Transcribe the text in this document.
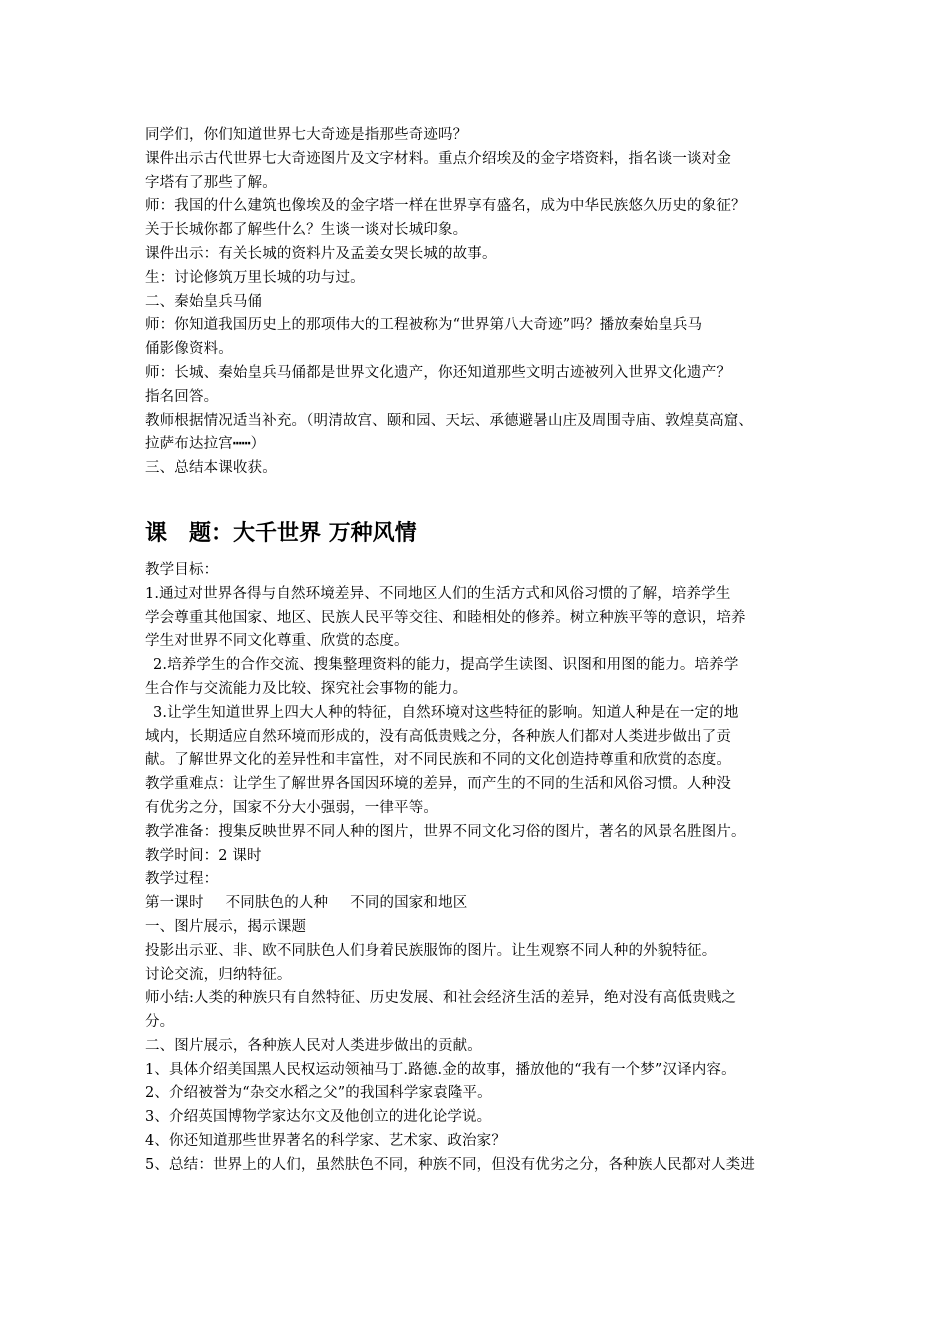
同学们，你们知道世界七大奇迹是指那些奇迹吗？
课件出示古代世界七大奇迹图片及文字材料。重点介绍埃及的金字塔资料，指名谈一谈对金
字塔有了那些了解。
师：我国的什么建筑也像埃及的金字塔一样在世界享有盛名，成为中华民族悠久历史的象征？
关于长城你都了解些什么？生谈一谈对长城印象。
课件出示：有关长城的资料片及孟姜女哭长城的故事。
生：讨论修筑万里长城的功与过。
二、秦始皇兵马俑
师：你知道我国历史上的那项伟大的工程被称为“世界第八大奇迹”吗？播放秦始皇兵马
俑影像资料。
师：长城、秦始皇兵马俑都是世界文化遗产，你还知道那些文明古迹被列入世界文化遗产？
指名回答。
教师根据情况适当补充。（明清故宫、颐和园、天坛、承德避暑山庄及周围寺庙、敦煌莫高窟、
拉萨布达拉宫┅┅）
三、总结本课收获。
课 题：大千世界 万种风情
教学目标：
1.通过对世界各得与自然环境差异、不同地区人们的生活方式和风俗习惯的了解，培养学生
学会尊重其他国家、地区、民族人民平等交往、和睦相处的修养。树立种族平等的意识，培养
学生对世界不同文化尊重、欣赏的态度。
2.培养学生的合作交流、搜集整理资料的能力，提高学生读图、识图和用图的能力。培养学
生合作与交流能力及比较、探究社会事物的能力。
3.让学生知道世界上四大人种的特征，自然环境对这些特征的影响。知道人种是在一定的地
域内，长期适应自然环境而形成的，没有高低贵贱之分，各种族人们都对人类进步做出了贡
献。了解世界文化的差异性和丰富性，对不同民族和不同的文化创造持尊重和欣赏的态度。
教学重难点：让学生了解世界各国因环境的差异，而产生的不同的生活和风俗习惯。人种没
有优劣之分，国家不分大小强弱，一律平等。
教学准备：搜集反映世界不同人种的图片，世界不同文化习俗的图片，著名的风景名胜图片。
教学时间：2 课时
教学过程：
第一课时 不同肤色的人种 不同的国家和地区
一、图片展示，揭示课题
投影出示亚、非、欧不同肤色人们身着民族服饰的图片。让生观察不同人种的外貌特征。
讨论交流，归纳特征。
师小结:人类的种族只有自然特征、历史发展、和社会经济生活的差异，绝对没有高低贵贱之
分。
二、图片展示，各种族人民对人类进步做出的贡献。
1、具体介绍美国黑人民权运动领袖马丁.路德.金的故事，播放他的“我有一个梦”汉译内容。
2、介绍被誉为“杂交水稻之父”的我国科学家袁隆平。
3、介绍英国博物学家达尔文及他创立的进化论学说。
4、你还知道那些世界著名的科学家、艺术家、政治家？
5、总结：世界上的人们，虽然肤色不同，种族不同，但没有优劣之分，各种族人民都对人类进
